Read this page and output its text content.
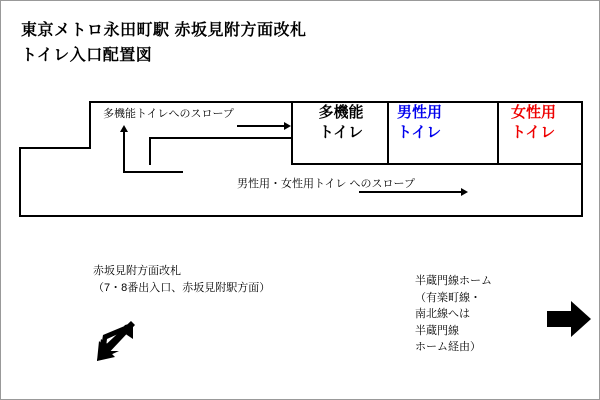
東京メトロ永田町駅 赤坂見附方面改札
トイレ入口配置図
多機能トイレへのスロープ	多機能
トイレ
男性用
トイレ
女性用
トイレ
男性用・女性用トイレ へのスロープ
赤坂見附方面改札
（7・8番出入口、赤坂見附駅方面）
半蔵門線ホーム
（有楽町線・
南北線へは
半蔵門線
ホーム経由）
